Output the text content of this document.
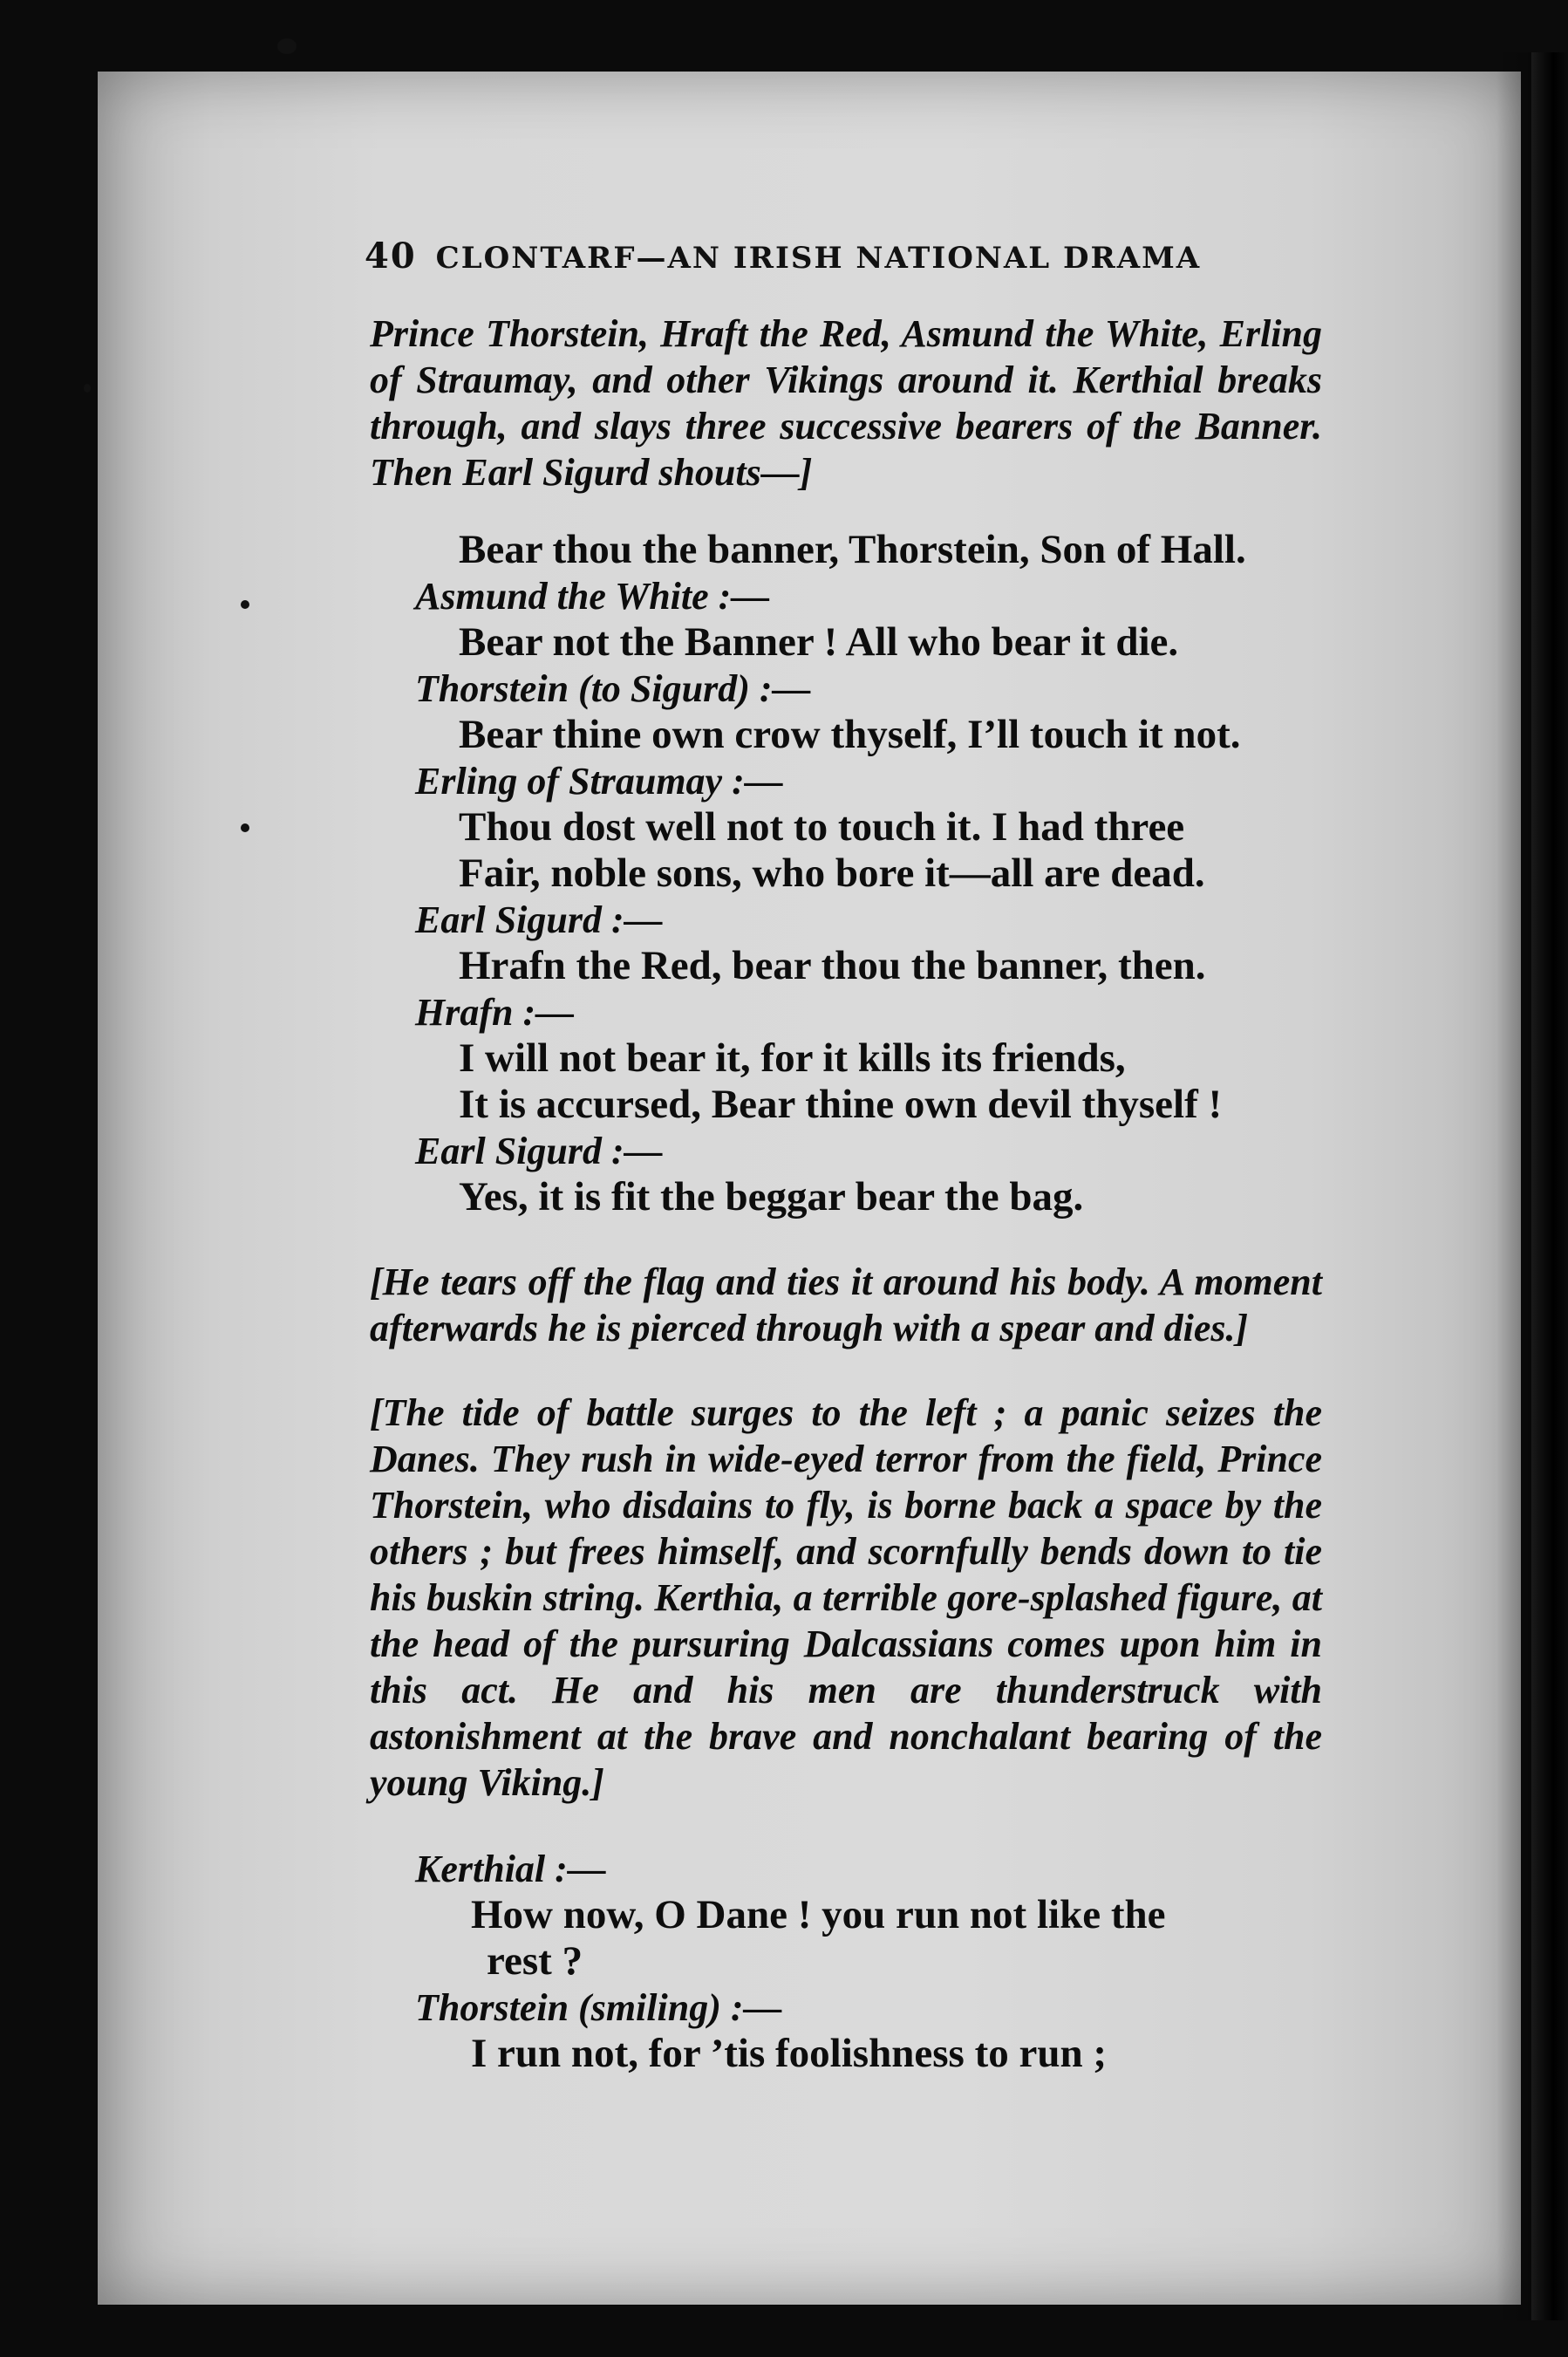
40 CLONTARF—AN IRISH NATIONAL DRAMA

Prince Thorstein, Hraft the Red, Asmund the White, Erling of Straumay, and other Vikings around it. Kerthial breaks through, and slays three successive bearers of the Banner. Then Earl Sigurd shouts—]

Bear thou the banner, Thorstein, Son of Hall.

Asmund the White :—

Bear not the Banner ! All who bear it die.

Thorstein (to Sigurd) :—

Bear thine own crow thyself, I’ll touch it not.

Erling of Straumay :—

Thou dost well not to touch it. I had three

Fair, noble sons, who bore it—all are dead.

Earl Sigurd :—

Hrafn the Red, bear thou the banner, then.

Hrafn :—

I will not bear it, for it kills its friends,

It is accursed, Bear thine own devil thyself !

Earl Sigurd :—

Yes, it is fit the beggar bear the bag.

[He tears off the flag and ties it around his body. A moment afterwards he is pierced through with a spear and dies.]

[The tide of battle surges to the left ; a panic seizes the Danes. They rush in wide-eyed terror from the field, Prince Thorstein, who disdains to fly, is borne back a space by the others ; but frees himself, and scornfully bends down to tie his buskin string. Kerthia, a terrible gore-splashed figure, at the head of the pursuring Dalcassians comes upon him in this act. He and his men are thunderstruck with astonishment at the brave and nonchalant bearing of the young Viking.]

Kerthial :—

How now, O Dane ! you run not like the

rest ?

Thorstein (smiling) :—

I run not, for ’tis foolishness to run ;
